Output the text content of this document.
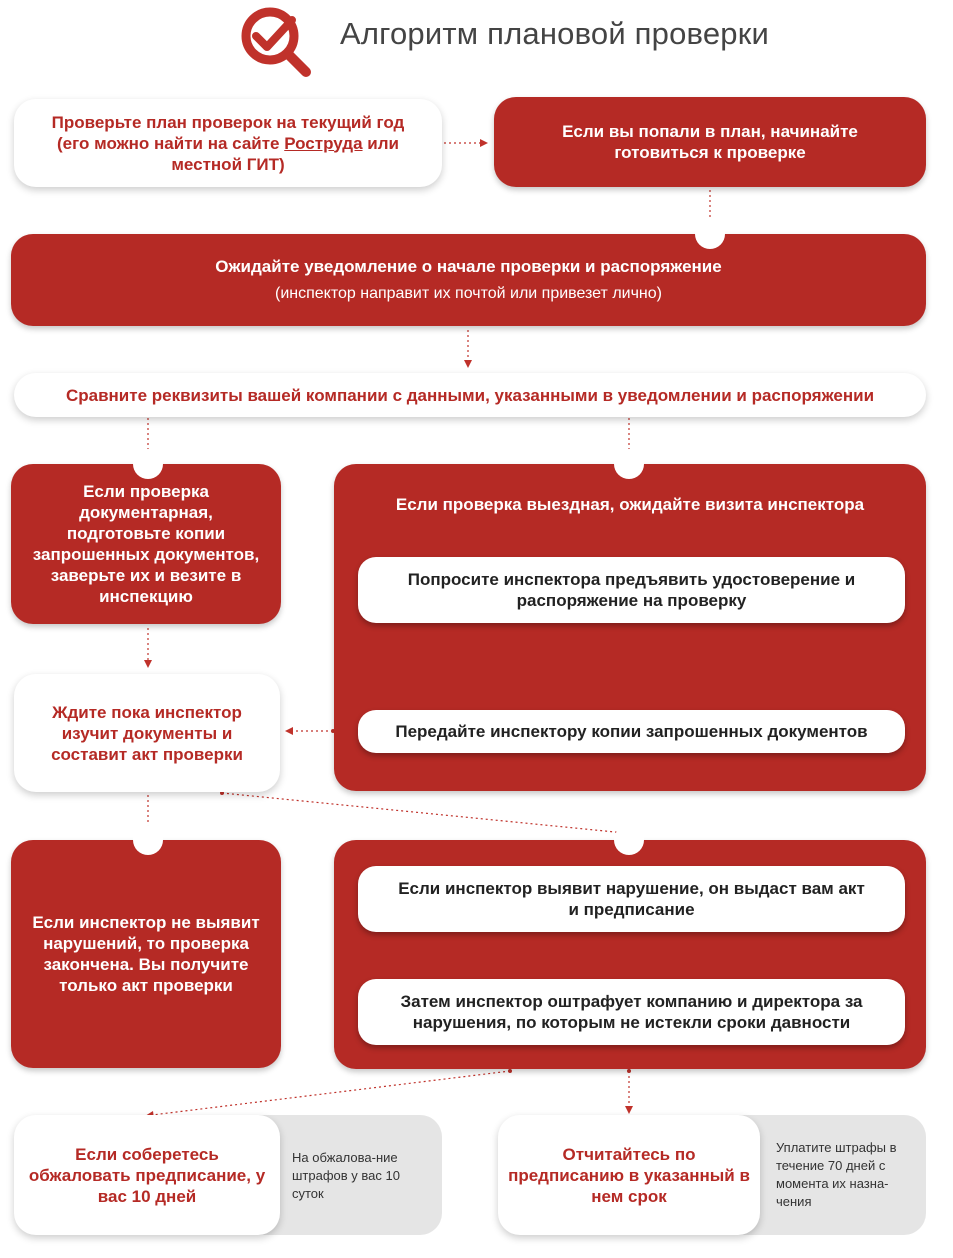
Алгоритм плановой проверки
Проверьте план проверок на текущий год
(его можно найти на сайте Роструда или
местной ГИТ)
Если вы попали в план, начинайте готовиться к проверке
Ожидайте уведомление о начале проверки и распоряжение
(инспектор направит их почтой или привезет лично)
Сравните реквизиты вашей компании с данными, указанными в уведомлении и распоряжении
Если проверка документарная, подготовьте копии запрошенных документов, заверьте их и везите в инспекцию
Если проверка выездная, ожидайте визита инспектора
Попросите инспектора предъявить удостоверение и распоряжение на проверку
Передайте инспектору копии запрошенных документов
Ждите пока инспектор изучит документы и составит акт проверки
Если инспектор не выявит нарушений, то проверка закончена. Вы получите только акт проверки
Если инспектор выявит нарушение, он выдаст вам акт и предписание
Затем инспектор оштрафует компанию и директора за нарушения, по которым не истекли сроки давности
На обжалова-ние штрафов у вас 10 суток
Если соберетесь обжаловать предписание, у вас 10 дней
Уплатите штрафы в течение 70 дней с момента их назна-чения
Отчитайтесь по предписанию в указанный в нем срок
